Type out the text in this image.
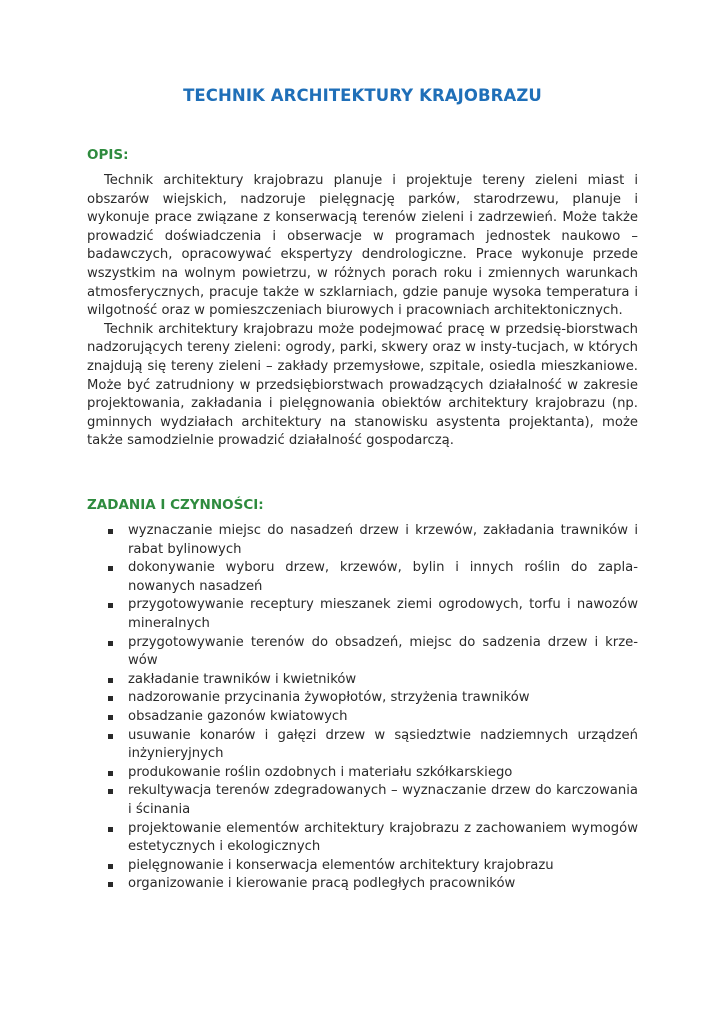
TECHNIK ARCHITEKTURY KRAJOBRAZU
OPIS:

Technik architektury krajobrazu planuje i projektuje tereny zieleni miast i obszarów wiejskich, nadzoruje pielęgnację parków, starodrzewu, planuje i wykonuje prace związane z konserwacją terenów zieleni i zadrzewień. Może także prowadzić doświadczenia i obserwacje w programach jednostek naukowo – badawczych, opracowywać ekspertyzy dendrologiczne. Prace wykonuje przede wszystkim na wolnym powietrzu, w różnych porach roku i zmiennych warunkach atmosferycznych, pracuje także w szklarniach, gdzie panuje wysoka temperatura i wilgotność oraz w pomieszczeniach biurowych i pracowniach architektonicznych.

Technik architektury krajobrazu może podejmować pracę w przedsię-biorstwach nadzorujących tereny zieleni: ogrody, parki, skwery oraz w insty-tucjach, w których znajdują się tereny zieleni – zakłady przemysłowe, szpitale, osiedla mieszkaniowe. Może być zatrudniony w przedsiębiorstwach prowadzących działalność w zakresie projektowania, zakładania i pielęgnowania obiektów architektury krajobrazu (np. gminnych wydziałach architektury na stanowisku asystenta projektanta), może także samodzielnie prowadzić działalność gospodarczą.

ZADANIA I CZYNNOŚCI:
wyznaczanie miejsc do nasadzeń drzew i krzewów, zakładania trawników i rabat bylinowych
dokonywanie wyboru drzew, krzewów, bylin i innych roślin do zapla-nowanych nasadzeń
przygotowywanie receptury mieszanek ziemi ogrodowych, torfu i nawozów mineralnych
przygotowywanie terenów do obsadzeń, miejsc do sadzenia drzew i krze-wów
zakładanie trawników i kwietników
nadzorowanie przycinania żywopłotów, strzyżenia trawników
obsadzanie gazonów kwiatowych
usuwanie konarów i gałęzi drzew w sąsiedztwie nadziemnych urządzeń inżynieryjnych
produkowanie roślin ozdobnych i materiału szkółkarskiego
rekultywacja terenów zdegradowanych – wyznaczanie drzew do karczowania i ścinania
projektowanie elementów architektury krajobrazu z zachowaniem wymogów estetycznych i ekologicznych
pielęgnowanie i konserwacja elementów architektury krajobrazu
organizowanie i kierowanie pracą podległych pracowników
